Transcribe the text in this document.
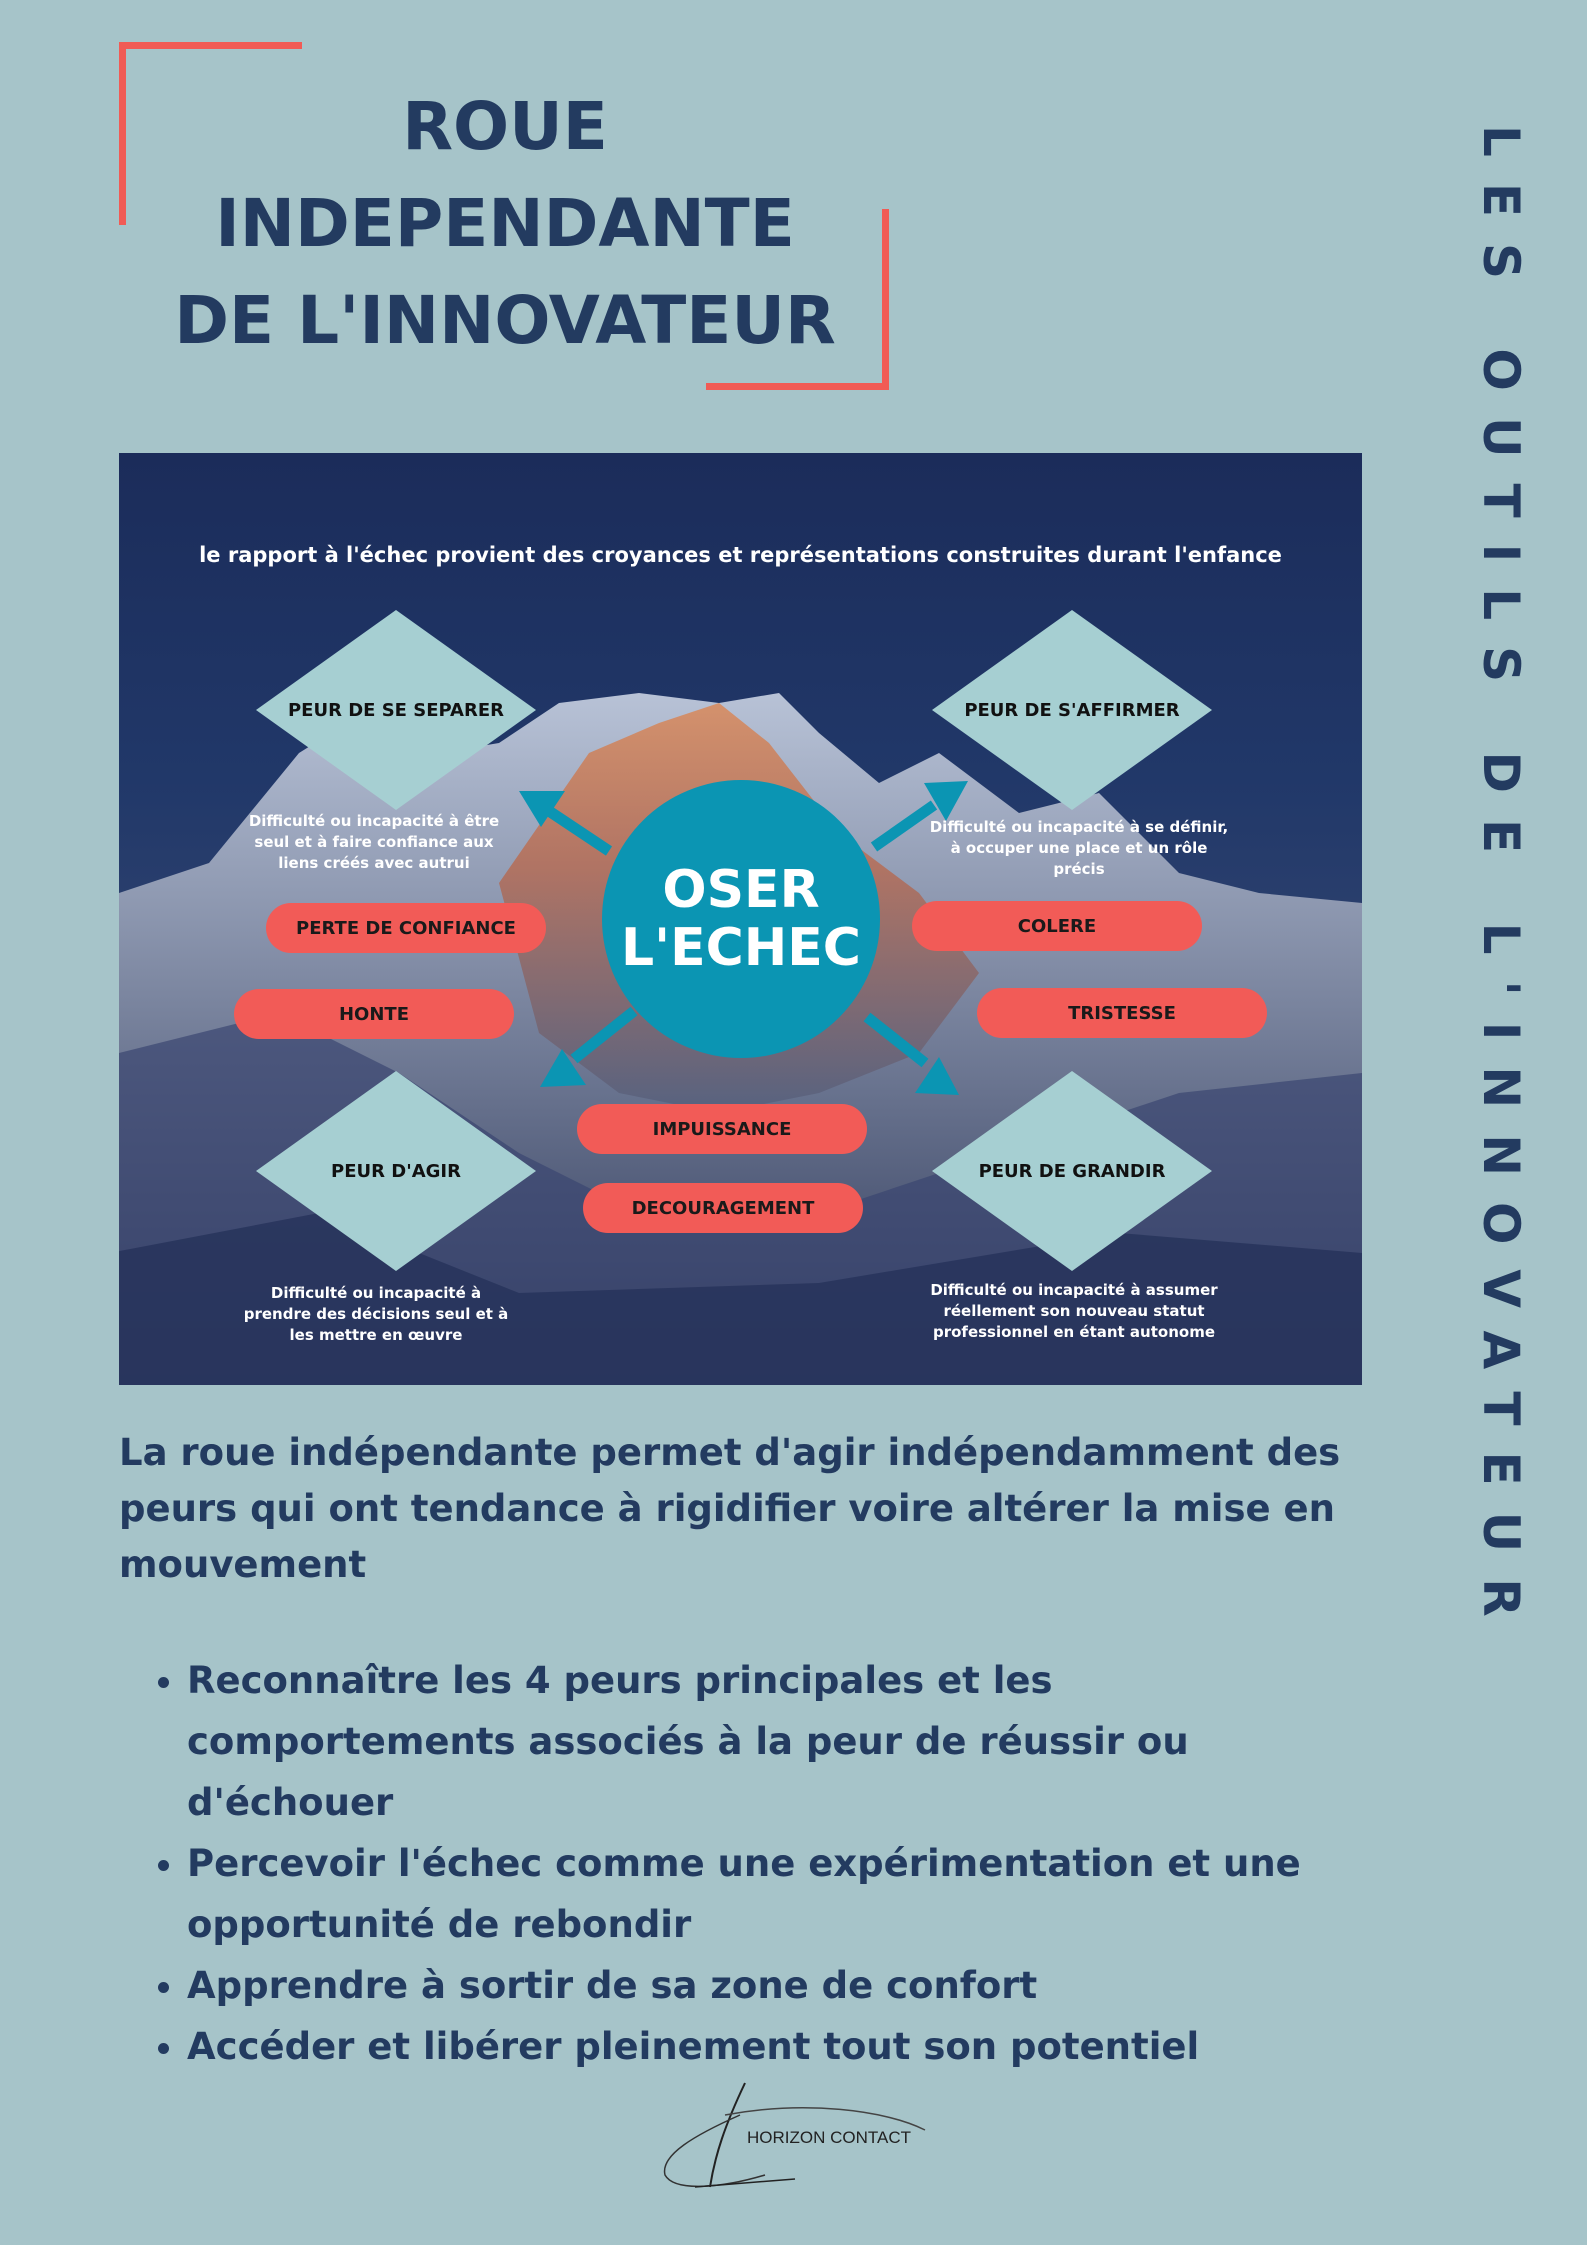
ROUE
INDEPENDANTE
DE L'INNOVATEUR	LES OUTILS DE L'INNOVATEUR
le rapport à l'échec provient des croyances et représentations construites durant l'enfance
PEUR DE SE SEPARER	PEUR DE S'AFFIRMER
PEUR D'AGIR	PEUR DE GRANDIR
Difficulté ou incapacité à être seul et à faire confiance aux liens créés avec autrui
Difficulté ou incapacité à se définir, à occuper une place et un rôle précis
Difficulté ou incapacité à prendre des décisions seul et à les mettre en œuvre
Difficulté ou incapacité à assumer réellement son nouveau statut professionnel en étant autonome
PERTE DE CONFIANCE
HONTE
COLERE
TRISTESSE
IMPUISSANCE
DECOURAGEMENT
OSER
L'ECHEC

La roue indépendante permet d'agir indépendamment des peurs qui ont tendance à rigidifier voire altérer la mise en mouvement

• Reconnaître les 4 peurs principales et les comportements associés à la peur de réussir ou d'échouer
• Percevoir l'échec comme une expérimentation et une opportunité de rebondir
• Apprendre à sortir de sa zone de confort
• Accéder et libérer pleinement tout son potentiel
HORIZON CONTACT
